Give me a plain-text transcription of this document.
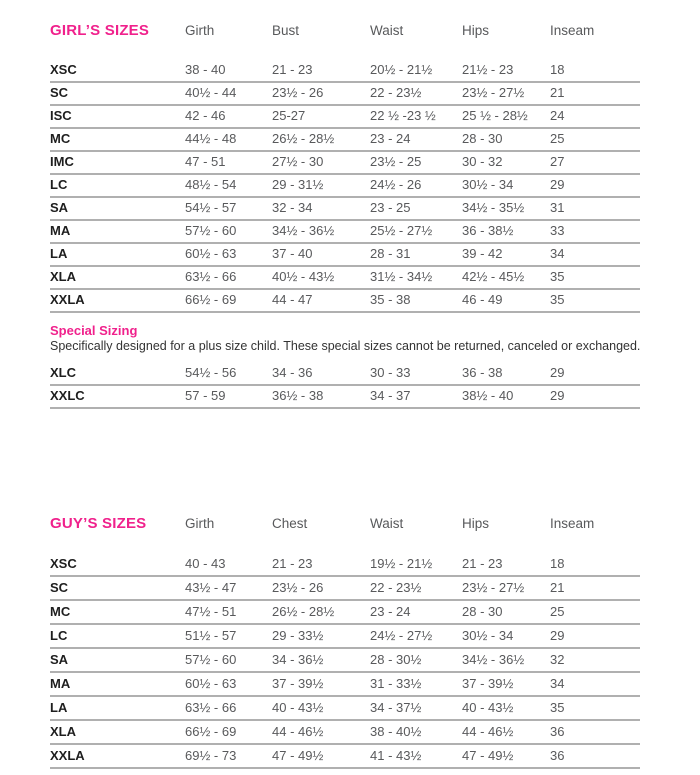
GIRL’S SIZES	Girth	Bust	Waist	Hips	Inseam
XSC	38 - 40	21 - 23	20½ - 21½	21½ - 23	18
SC	40½ - 44	23½ - 26	22 - 23½	23½ - 27½	21
ISC	42 - 46	25-27	22 ½ -23 ½	25 ½ - 28½	24
MC	44½ - 48	26½ - 28½	23 - 24	28 - 30	25
IMC	47 - 51	27½ - 30	23½ - 25	30 - 32	27
LC	48½ - 54	29 - 31½	24½ - 26	30½ - 34	29
SA	54½ - 57	32 - 34	23 - 25	34½ - 35½	31
MA	57½ - 60	34½ - 36½	25½ - 27½	36 - 38½	33
LA	60½ - 63	37 - 40	28 - 31	39 - 42	34
XLA	63½ - 66	40½ - 43½	31½ - 34½	42½ - 45½	35
XXLA	66½ - 69	44 - 47	35 - 38	46 - 49	35
Special Sizing
Specifically designed for a plus size child. These special sizes cannot be returned, canceled or exchanged.
XLC	54½ - 56	34 - 36	30 - 33	36 - 38	29
XXLC	57 - 59	36½ - 38	34 - 37	38½ - 40	29
GUY’S SIZES	Girth	Chest	Waist	Hips	Inseam
XSC	40 - 43	21 - 23	19½ - 21½	21 - 23	18
SC	43½ - 47	23½ - 26	22 - 23½	23½ - 27½	21
MC	47½ - 51	26½ - 28½	23 - 24	28 - 30	25
LC	51½ - 57	29 - 33½	24½ - 27½	30½ - 34	29
SA	57½ - 60	34 - 36½	28 - 30½	34½ - 36½	32
MA	60½ - 63	37 - 39½	31 - 33½	37 - 39½	34
LA	63½ - 66	40 - 43½	34 - 37½	40 - 43½	35
XLA	66½ - 69	44 - 46½	38 - 40½	44 - 46½	36
XXLA	69½ - 73	47 - 49½	41 - 43½	47 - 49½	36
